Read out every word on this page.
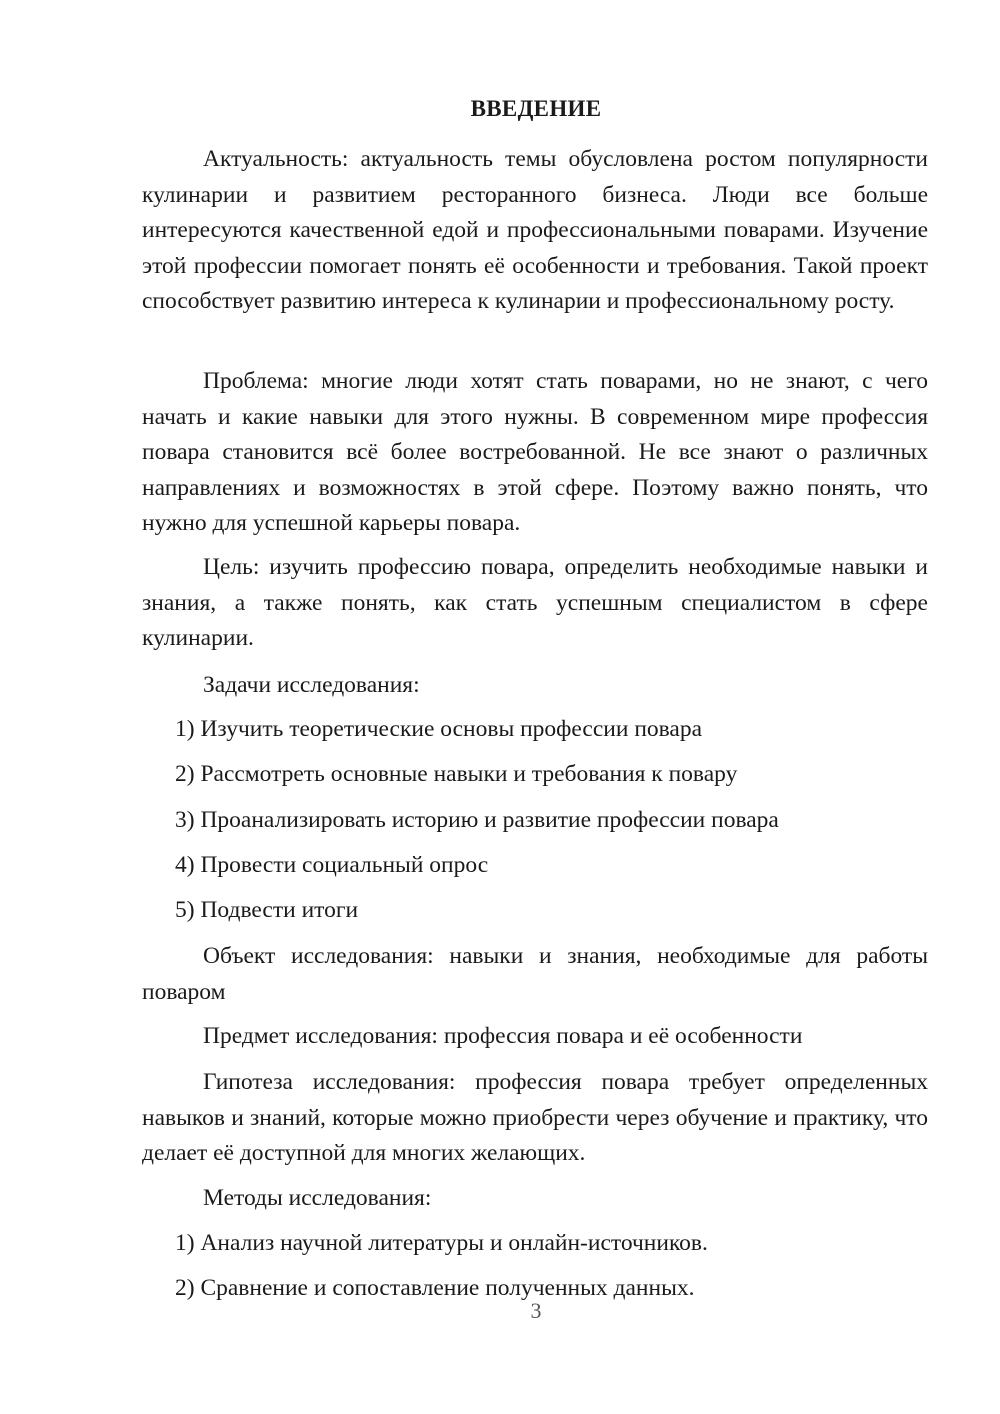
ВВЕДЕНИЕ

Актуальность: актуальность темы обусловлена ростом популярности кулинарии и развитием ресторанного бизнеса. Люди все больше интересуются качественной едой и профессиональными поварами. Изучение этой профессии помогает понять её особенности и требования. Такой проект способствует развитию интереса к кулинарии и профессиональному росту.

Проблема: многие люди хотят стать поварами, но не знают, с чего начать и какие навыки для этого нужны. В современном мире профессия повара становится всё более востребованной. Не все знают о различных направлениях и возможностях в этой сфере. Поэтому важно понять, что нужно для успешной карьеры повара.

Цель: изучить профессию повара, определить необходимые навыки и знания, а также понять, как стать успешным специалистом в сфере кулинарии.

Задачи исследования:

1) Изучить теоретические основы профессии повара

2) Рассмотреть основные навыки и требования к повару

3) Проанализировать историю и развитие профессии повара

4) Провести социальный опрос

5) Подвести итоги

Объект исследования: навыки и знания, необходимые для работы поваром

Предмет исследования: профессия повара и её особенности

Гипотеза исследования: профессия повара требует определенных навыков и знаний, которые можно приобрести через обучение и практику, что делает её доступной для многих желающих.

Методы исследования:

1) Анализ научной литературы и онлайн-источников.

2) Сравнение и сопоставление полученных данных.

3
